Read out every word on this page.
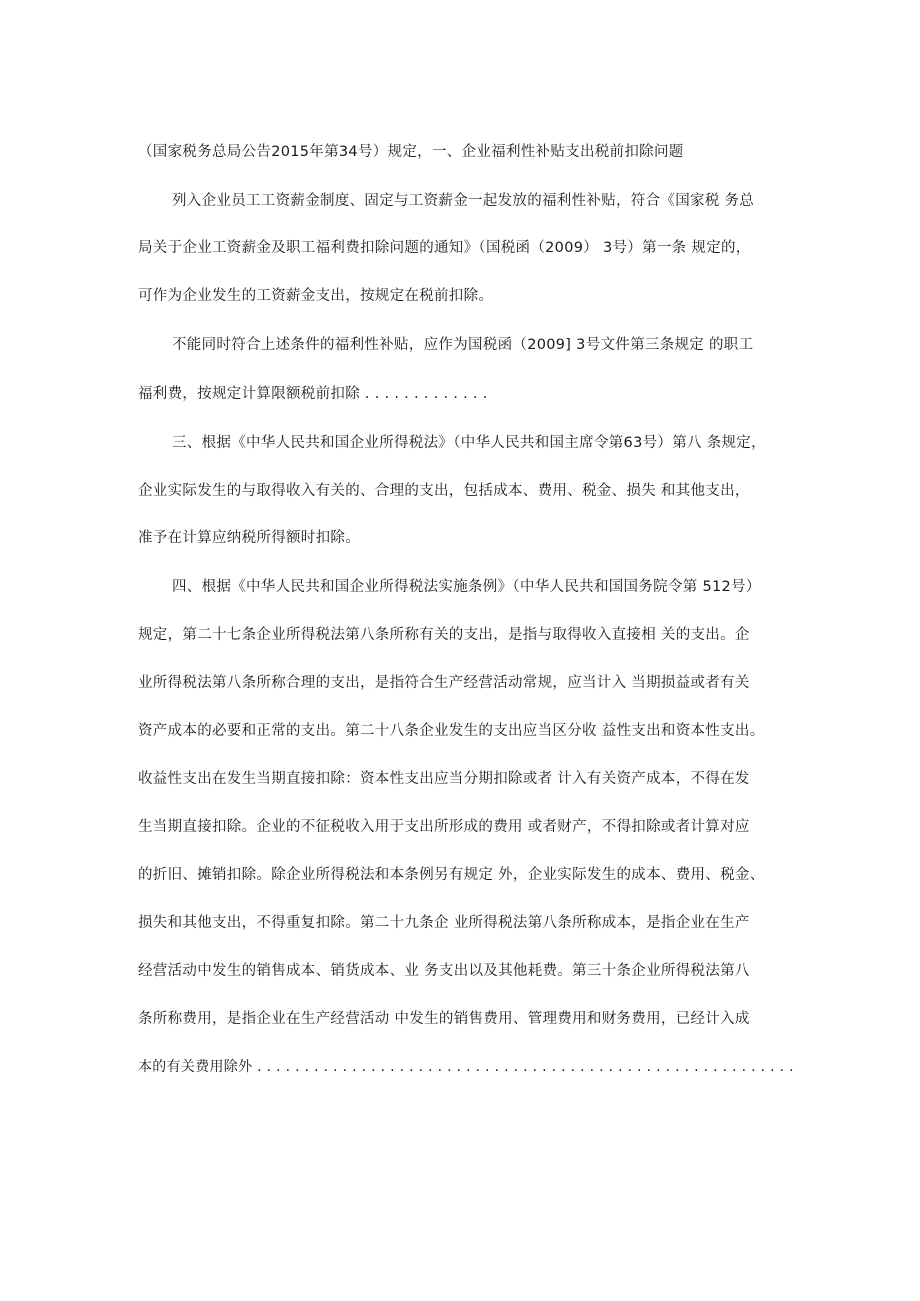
（国家税务总局公告2015年第34号）规定，一、企业福利性补贴支出税前扣除问题
列入企业员工工资薪金制度、固定与工资薪金一起发放的福利性补贴，符合《国家税 务总
局关于企业工资薪金及职工福利费扣除问题的通知》（国税函（2009） 3号）第一条 规定的，
可作为企业发生的工资薪金支出，按规定在税前扣除。
不能同时符合上述条件的福利性补贴，应作为国税函（2009] 3号文件第三条规定 的职工
福利费，按规定计算限额税前扣除 . . . . . . . . . . . . .
三、根据《中华人民共和国企业所得税法》（中华人民共和国主席令第63号）第八 条规定，
企业实际发生的与取得收入有关的、合理的支出，包括成本、费用、税金、损失 和其他支出，
准予在计算应纳税所得额时扣除。
四、根据《中华人民共和国企业所得税法实施条例》（中华人民共和国国务院令第 512号）
规定，第二十七条企业所得税法第八条所称有关的支出，是指与取得收入直接相 关的支出。企
业所得税法第八条所称合理的支出，是指符合生产经营活动常规，应当计入 当期损益或者有关
资产成本的必要和正常的支出。第二十八条企业发生的支出应当区分收 益性支出和资本性支出。
收益性支出在发生当期直接扣除：资本性支出应当分期扣除或者 计入有关资产成本，不得在发
生当期直接扣除。企业的不征税收入用于支出所形成的费用 或者财产，不得扣除或者计算对应
的折旧、摊销扣除。除企业所得税法和本条例另有规定 外，企业实际发生的成本、费用、税金、
损失和其他支出，不得重复扣除。第二十九条企 业所得税法第八条所称成本，是指企业在生产
经营活动中发生的销售成本、销货成本、业 务支出以及其他耗费。第三十条企业所得税法第八
条所称费用，是指企业在生产经营活动 中发生的销售费用、管理费用和财务费用，已经计入成
本的有关费用除外 . . . . . . . . . . . . . . . . . . . . . . . . . . . . . . . . . . . . . . . . . . . . . . . . . . . . . . . . .
